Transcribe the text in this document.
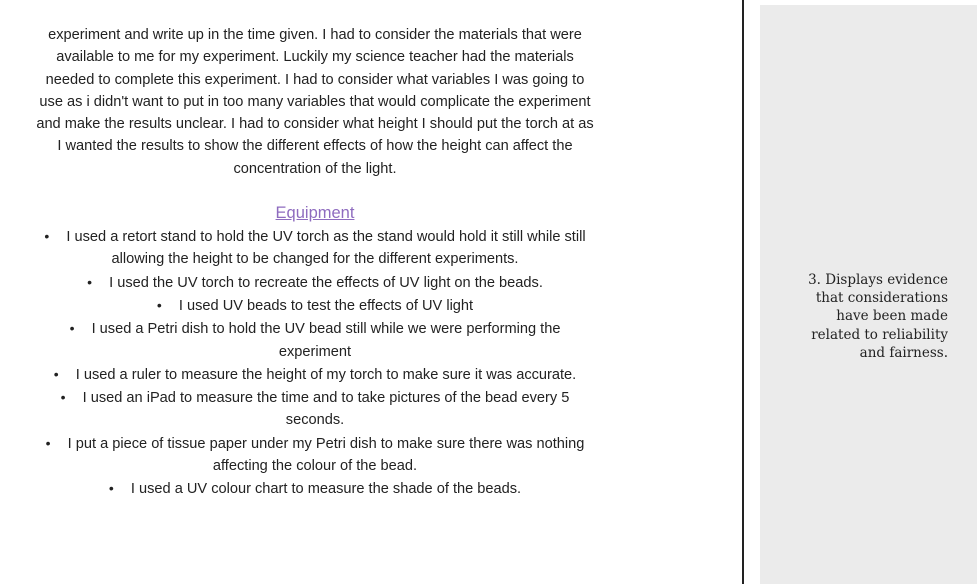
experiment and write up in the time given. I had to consider the materials that were available to me for my experiment. Luckily my science teacher had the materials needed to complete this experiment. I had to consider what variables I was going to use as i didn't want to put in too many variables that would complicate the experiment and make the results unclear. I had to consider what height I should put the torch at as I wanted the results to show the different effects of how the height can affect the concentration of the light.

Equipment
• I used a retort stand to hold the UV torch as the stand would hold it still while still allowing the height to be changed for the different experiments.
• I used the UV torch to recreate the effects of UV light on the beads.
• I used UV beads to test the effects of UV light
• I used a Petri dish to hold the UV bead still while we were performing the experiment
• I used a ruler to measure the height of my torch to make sure it was accurate.
• I used an iPad to measure the time and to take pictures of the bead every 5 seconds.
• I put a piece of tissue paper under my Petri dish to make sure there was nothing affecting the colour of the bead.
• I used a UV colour chart to measure the shade of the beads.

3. Displays evidence that considerations have been made related to reliability and fairness.
